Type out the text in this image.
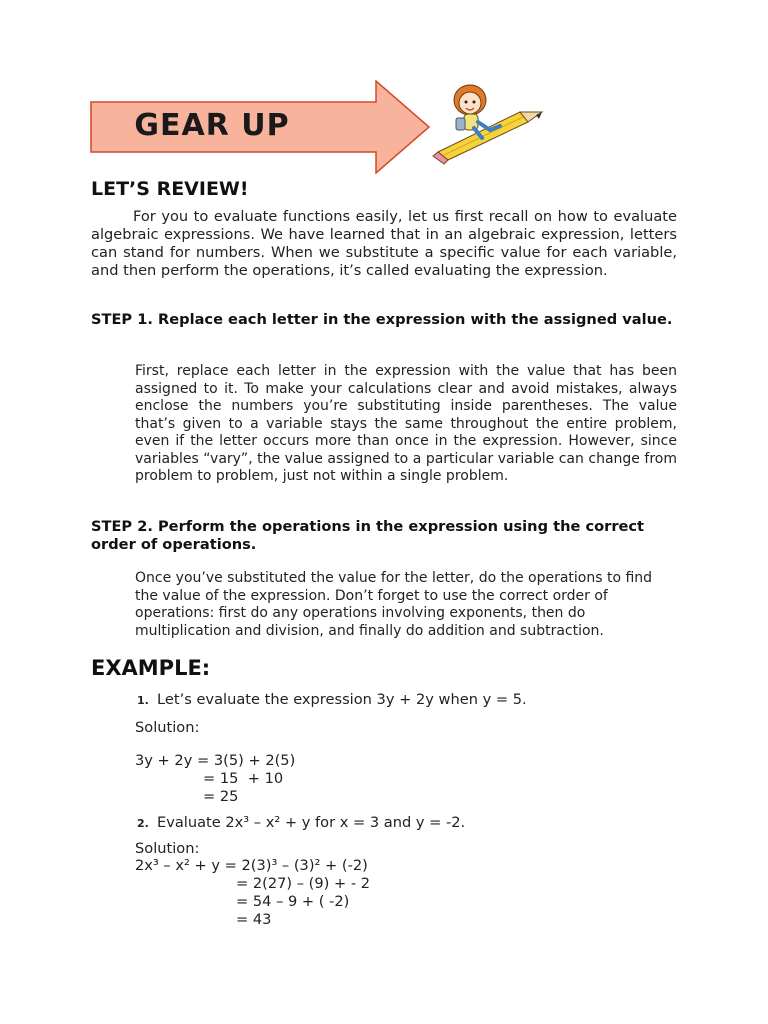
GEAR UP
LET’S REVIEW!

For you to evaluate functions easily, let us first recall on how to evaluate algebraic expressions. We have learned that in an algebraic expression, letters can stand for numbers. When we substitute a specific value for each variable, and then perform the operations, it’s called evaluating the expression.

STEP 1. Replace each letter in the expression with the assigned value.

First, replace each letter in the expression with the value that has been assigned to it. To make your calculations clear and avoid mistakes, always enclose the numbers you’re substituting inside parentheses. The value that’s given to a variable stays the same throughout the entire problem, even if the letter occurs more than once in the expression. However, since variables “vary”, the value assigned to a particular variable can change from problem to problem, just not within a single problem.

STEP 2. Perform the operations in the expression using the correct order of operations.

Once you’ve substituted the value for the letter, do the operations to find the value of the expression. Don’t forget to use the correct order of operations: first do any operations involving exponents, then do multiplication and division, and finally do addition and subtraction.

EXAMPLE:
1. Let’s evaluate the expression 3y + 2y when y = 5.
Solution:
3y + 2y = 3(5) + 2(5)
= 15  + 10
= 25
2. Evaluate 2x³ – x² + y for x = 3 and y = -2.
Solution:
2x³ – x² + y = 2(3)³ – (3)² + (-2)
= 2(27) – (9) + - 2
= 54 – 9 + ( -2)
= 43
